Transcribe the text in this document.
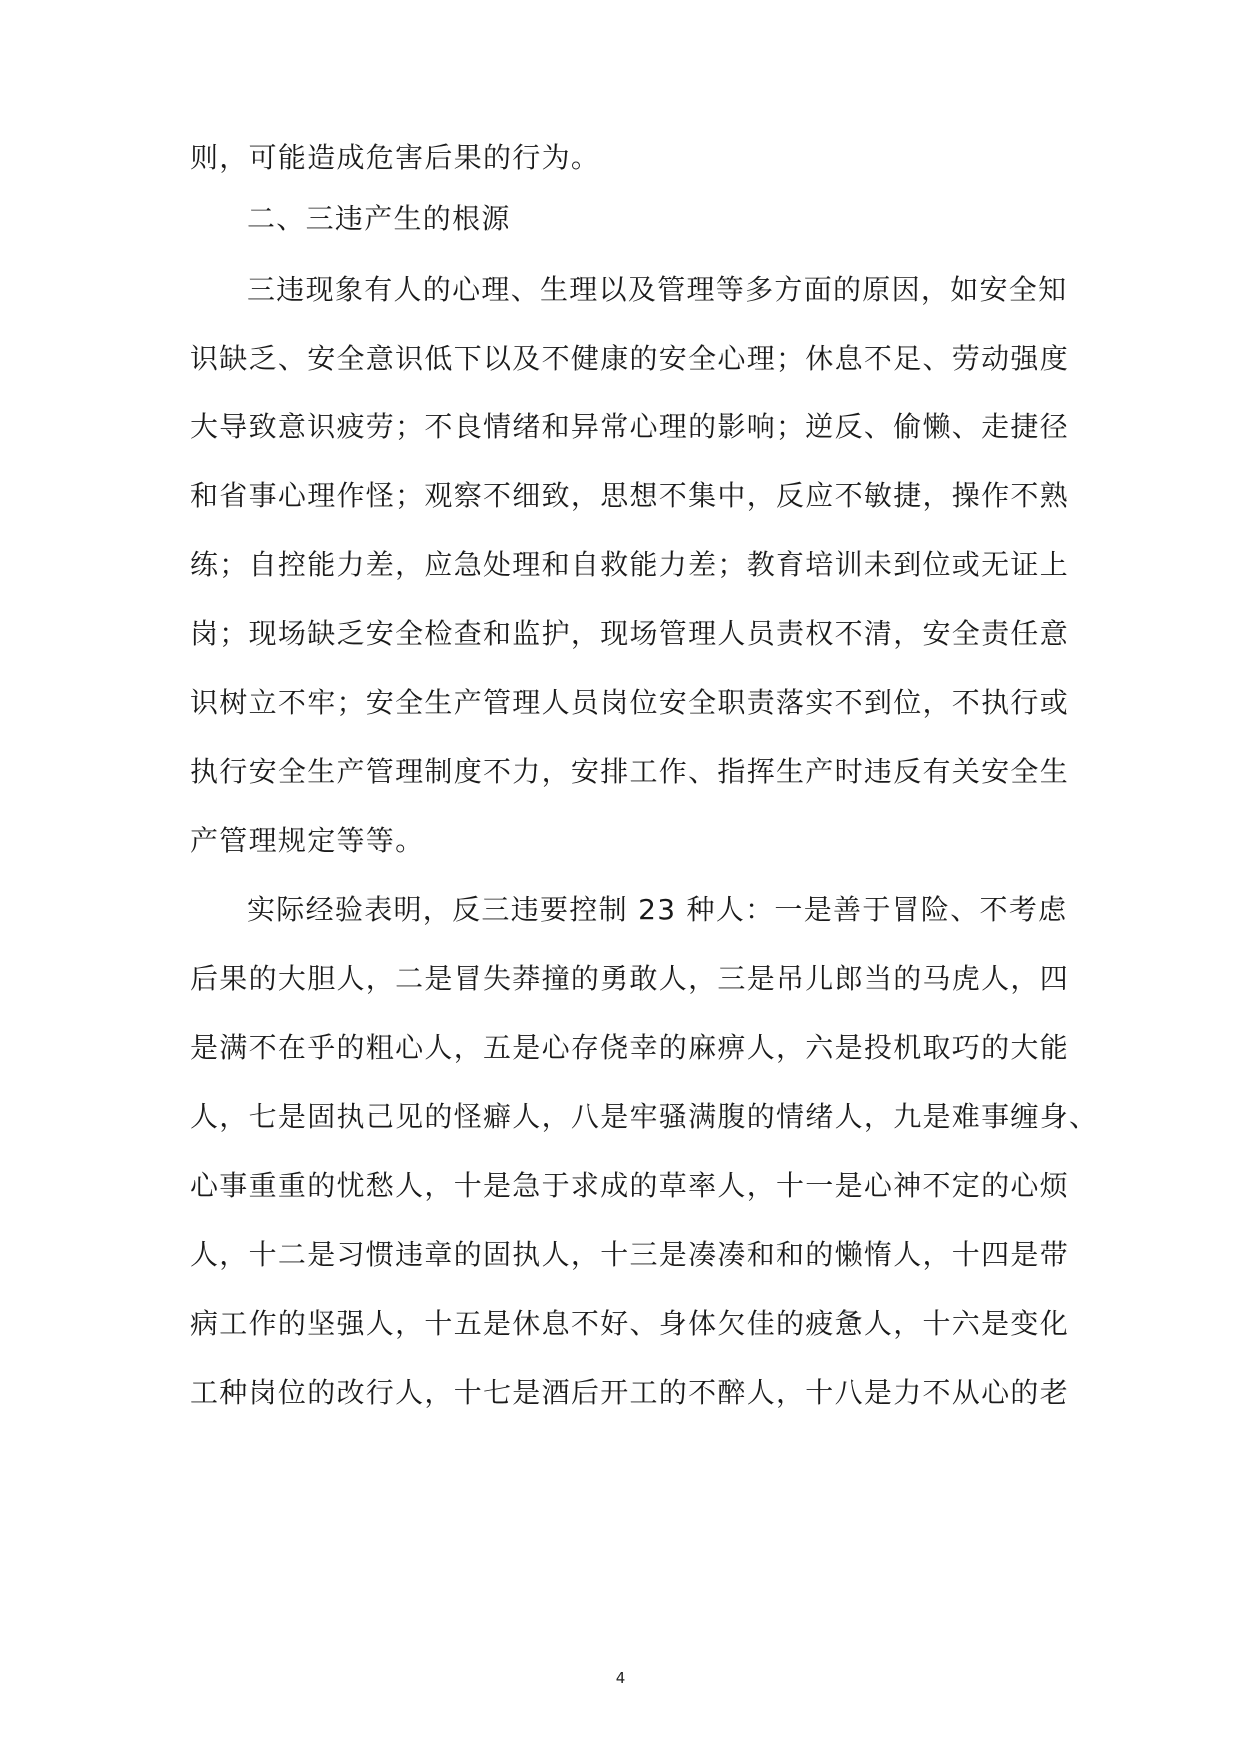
则，可能造成危害后果的行为。
二、三违产生的根源
三违现象有人的心理、生理以及管理等多方面的原因，如安全知
识缺乏、安全意识低下以及不健康的安全心理；休息不足、劳动强度
大导致意识疲劳；不良情绪和异常心理的影响；逆反、偷懒、走捷径
和省事心理作怪；观察不细致，思想不集中，反应不敏捷，操作不熟
练；自控能力差，应急处理和自救能力差；教育培训未到位或无证上
岗；现场缺乏安全检查和监护，现场管理人员责权不清，安全责任意
识树立不牢；安全生产管理人员岗位安全职责落实不到位，不执行或
执行安全生产管理制度不力，安排工作、指挥生产时违反有关安全生
产管理规定等等。
实际经验表明，反三违要控制 23 种人：一是善于冒险、不考虑
后果的大胆人，二是冒失莽撞的勇敢人，三是吊儿郎当的马虎人，四
是满不在乎的粗心人，五是心存侥幸的麻痹人，六是投机取巧的大能
人，七是固执己见的怪癖人，八是牢骚满腹的情绪人，九是难事缠身、
心事重重的忧愁人，十是急于求成的草率人，十一是心神不定的心烦
人，十二是习惯违章的固执人，十三是凑凑和和的懒惰人，十四是带
病工作的坚强人，十五是休息不好、身体欠佳的疲惫人，十六是变化
工种岗位的改行人，十七是酒后开工的不醉人，十八是力不从心的老
4
